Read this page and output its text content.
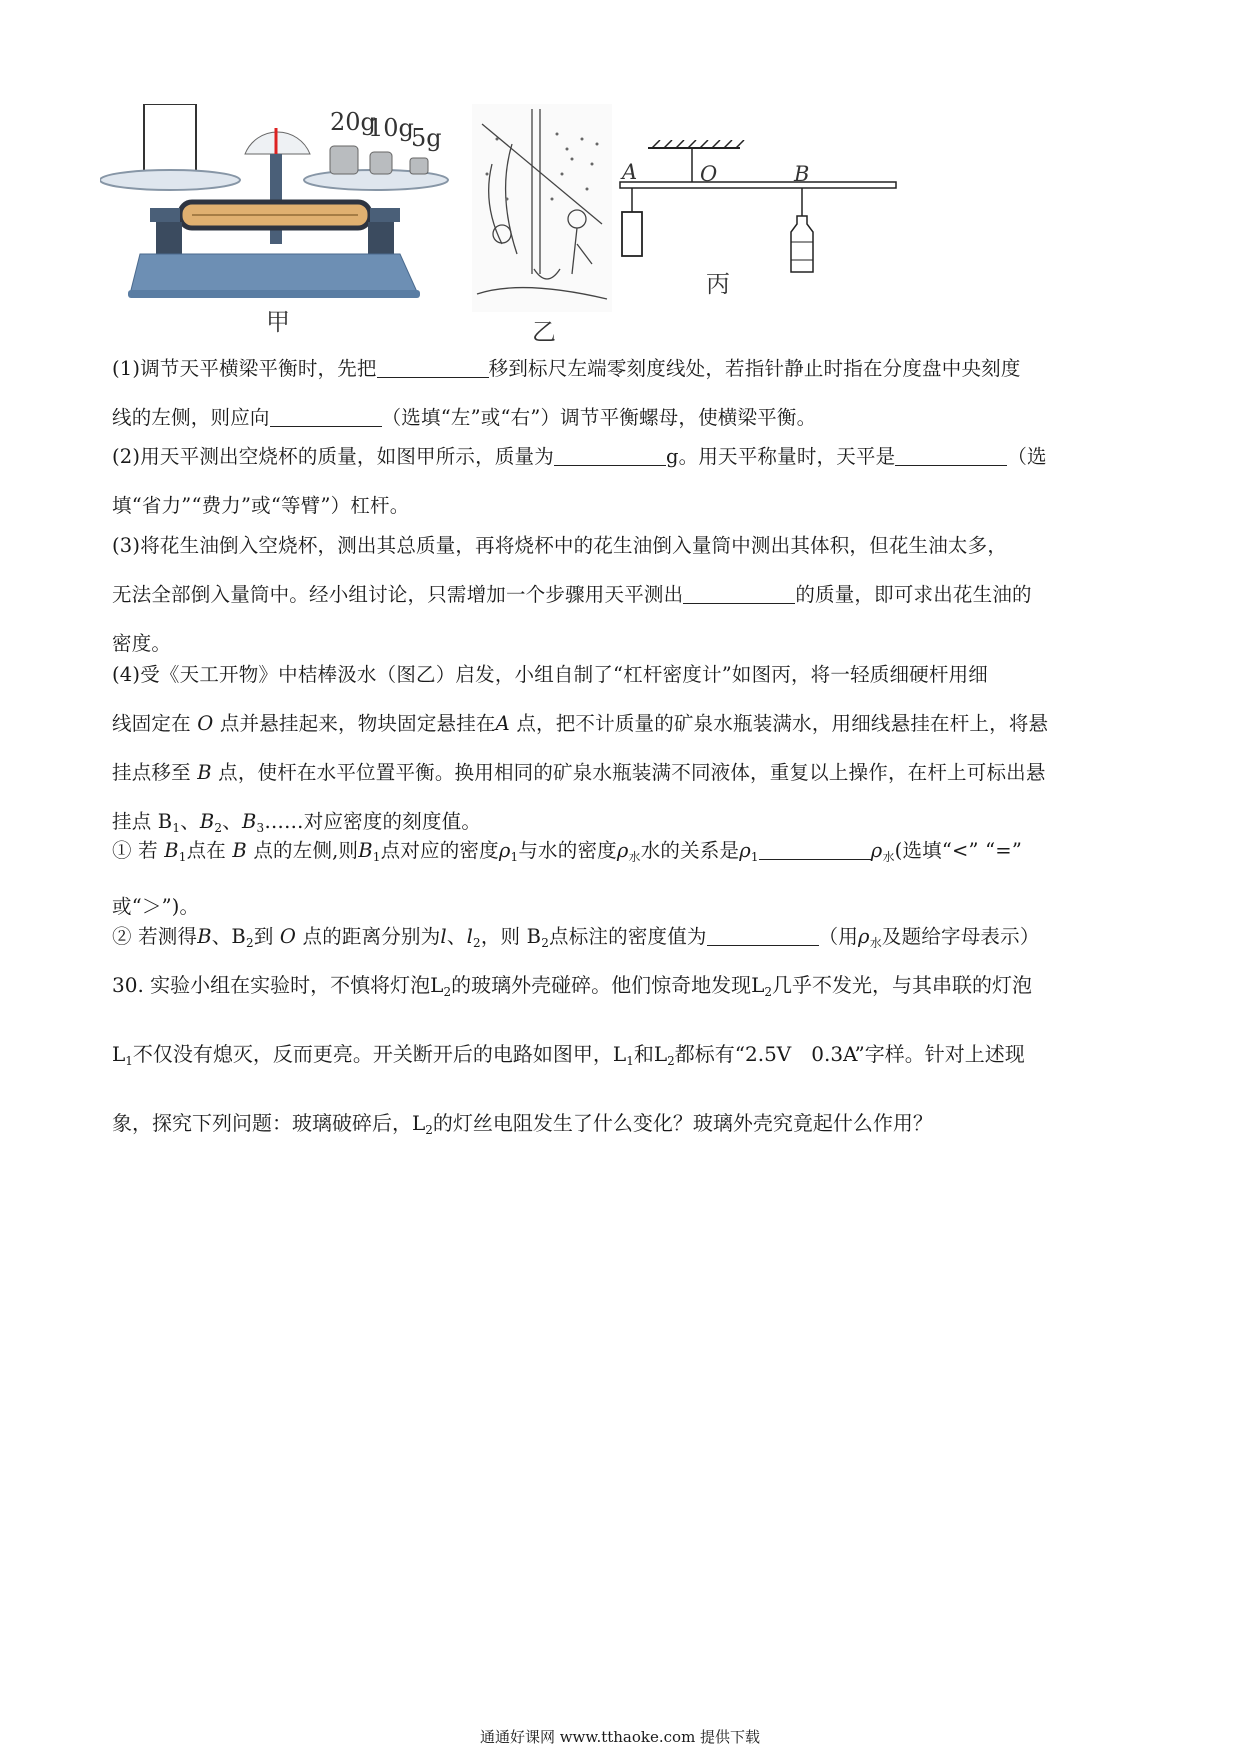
20g
10g
5g
甲	乙
A	O	B
丙
(1)调节天平横梁平衡时，先把	移到标尺左端零刻度线处，若指针静止时指在分度盘中央刻度
线的左侧，则应向	（选填“左”或“右”）调节平衡螺母，使横梁平衡。
(2)用天平测出空烧杯的质量，如图甲所示，质量为	g。用天平称量时，天平是	（选
填“省力”“费力”或“等臂”）杠杆。
(3)将花生油倒入空烧杯，测出其总质量，再将烧杯中的花生油倒入量筒中测出其体积，但花生油太多，
无法全部倒入量筒中。经小组讨论，只需增加一个步骤用天平测出	的质量，即可求出花生油的
密度。
(4)受《天工开物》中桔棒汲水（图乙）启发，小组自制了“杠杆密度计”如图丙，将一轻质细硬杆用细
线固定在 O 点并悬挂起来，物块固定悬挂在A 点，把不计质量的矿泉水瓶装满水，用细线悬挂在杆上，将悬
挂点移至 B 点，使杆在水平位置平衡。换用相同的矿泉水瓶装满不同液体，重复以上操作，在杆上可标出悬
挂点 $B_1$、$B_2$、$B_3\dots\dots$对应密度的刻度值。
① 若 $B_1$点在 B 点的左侧,则$B_1$点对应的密度$\rho_1$与水的密度$\rho_水$水的关系是$\rho_1$	$\rho_水$(选填“<” “=”
或“＞”)。
② 若测得B、$B_2$到 O 点的距离分别为l、$l_2$，则 $B_2$点标注的密度值为	（用$\rho_水$及题给字母表示）
30. 实验小组在实验时，不慎将灯泡$L_2$的玻璃外壳碰碎。他们惊奇地发现$L_2$几乎不发光，与其串联的灯泡
$L_1$不仅没有熄灭，反而更亮。开关断开后的电路如图甲，$L_1$和$L_2$都标有“2.5V　0.3A”字样。针对上述现
象，探究下列问题：玻璃破碎后，$L_2$的灯丝电阻发生了什么变化？玻璃外壳究竟起什么作用？
通通好课网 www.tthaoke.com 提供下载
